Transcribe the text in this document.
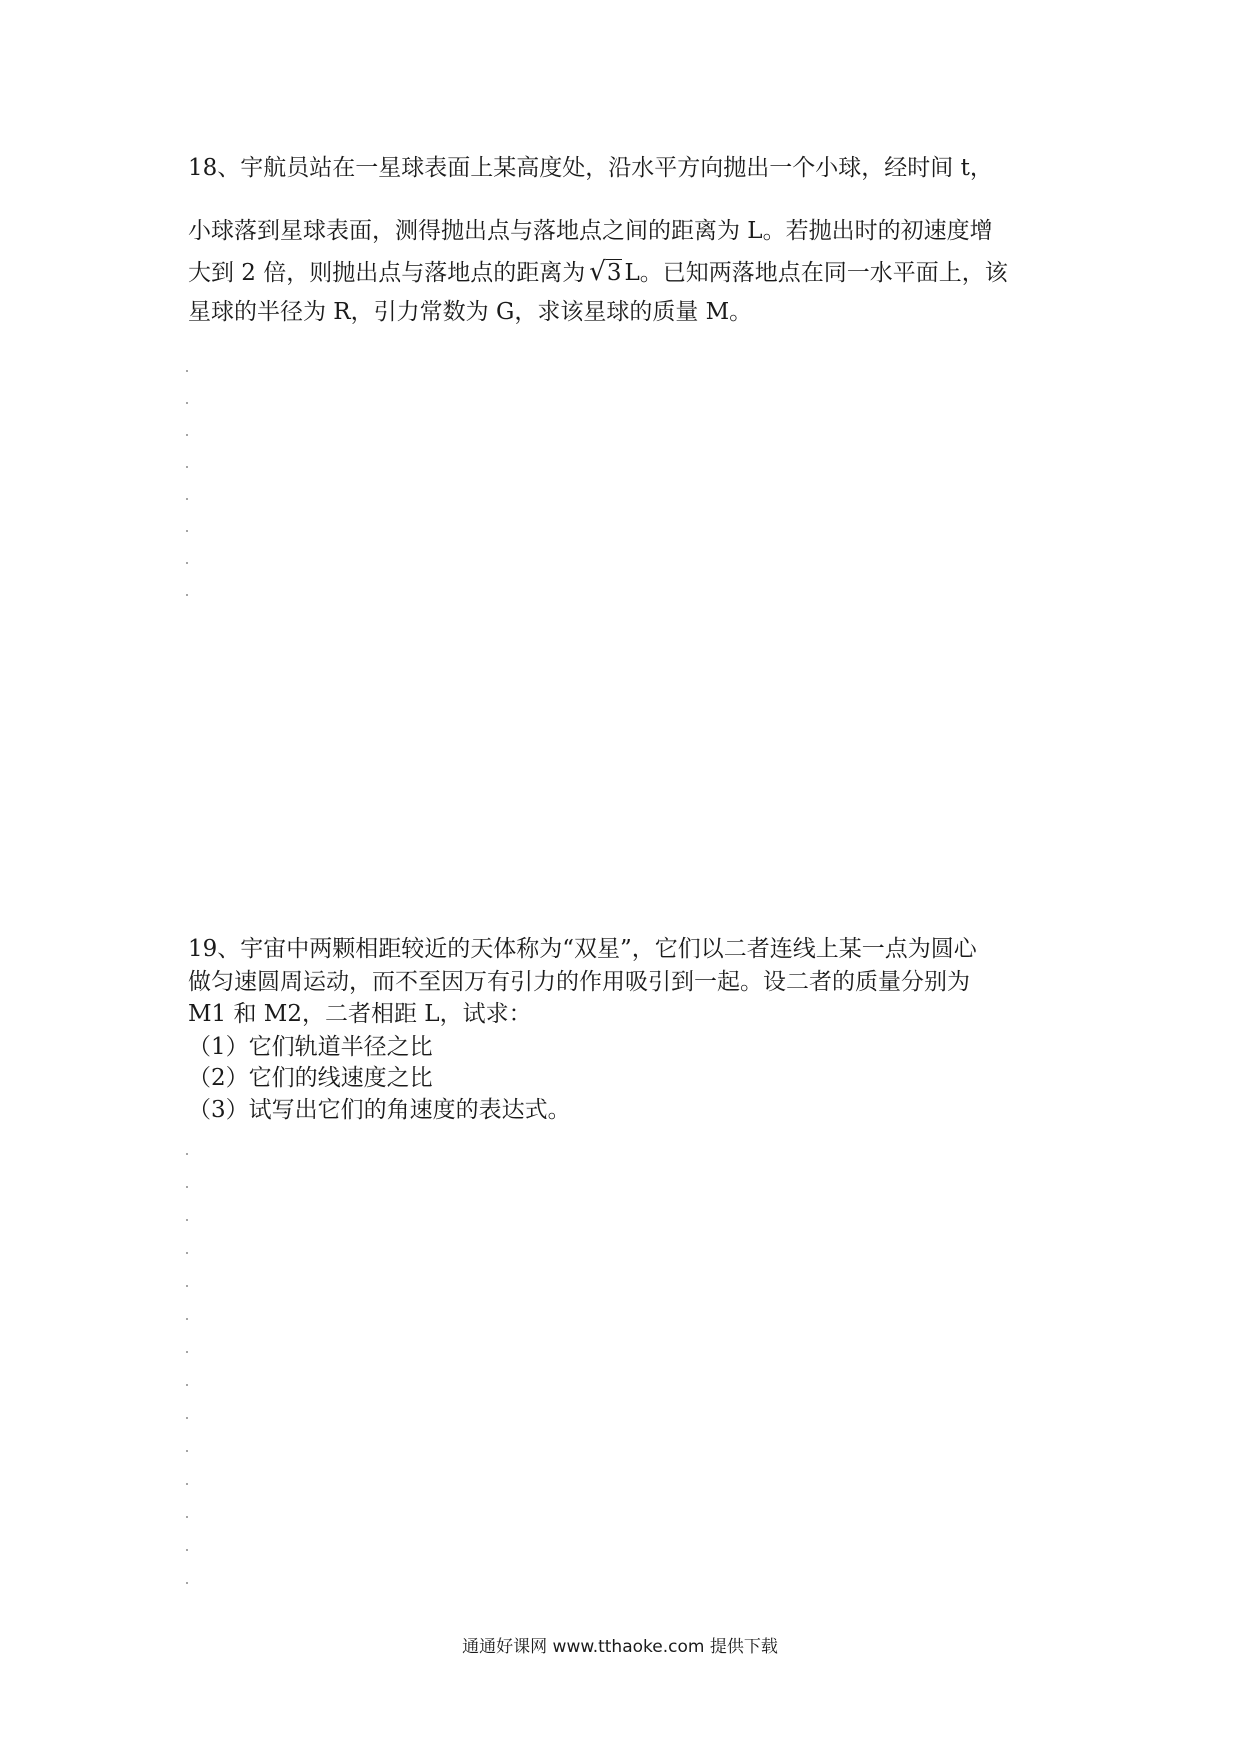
18、宇航员站在一星球表面上某高度处，沿水平方向抛出一个小球，经时间 t，
小球落到星球表面，测得抛出点与落地点之间的距离为 L。若抛出时的初速度增
大到 2 倍，则抛出点与落地点的距离为 √3 L。已知两落地点在同一水平面上，该
星球的半径为 R，引力常数为 G，求该星球的质量 M。
19、宇宙中两颗相距较近的天体称为“双星”，它们以二者连线上某一点为圆心
做匀速圆周运动，而不至因万有引力的作用吸引到一起。设二者的质量分别为
M1 和 M2，二者相距 L，试求：
（1）它们轨道半径之比
（2）它们的线速度之比
（3）试写出它们的角速度的表达式。
通通好课网 www.tthaoke.com 提供下载
